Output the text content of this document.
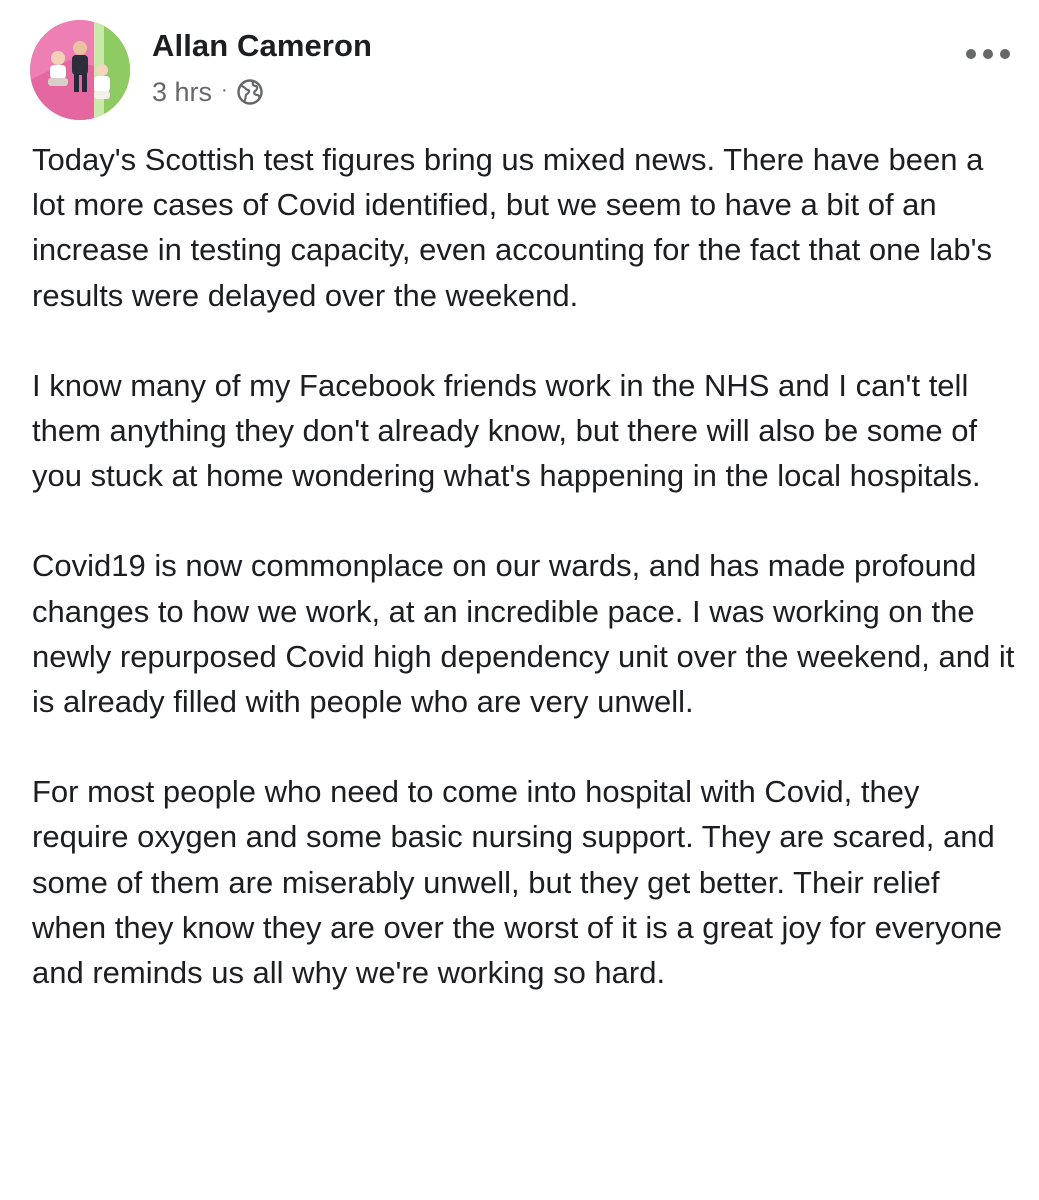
Allan Cameron
3 hrs ·

Today's Scottish test figures bring us mixed news. There have been a lot more cases of Covid identified, but we seem to have a bit of an increase in testing capacity, even accounting for the fact that one lab's results were delayed over the weekend.

I know many of my Facebook friends work in the NHS and I can't tell them anything they don't already know, but there will also be some of you stuck at home wondering what's happening in the local hospitals.

Covid19 is now commonplace on our wards, and has made profound changes to how we work, at an incredible pace. I was working on the newly repurposed Covid high dependency unit over the weekend, and it is already filled with people who are very unwell.

For most people who need to come into hospital with Covid, they require oxygen and some basic nursing support. They are scared, and some of them are miserably unwell, but they get better. Their relief when they know they are over the worst of it is a great joy for everyone and reminds us all why we're working so hard.
